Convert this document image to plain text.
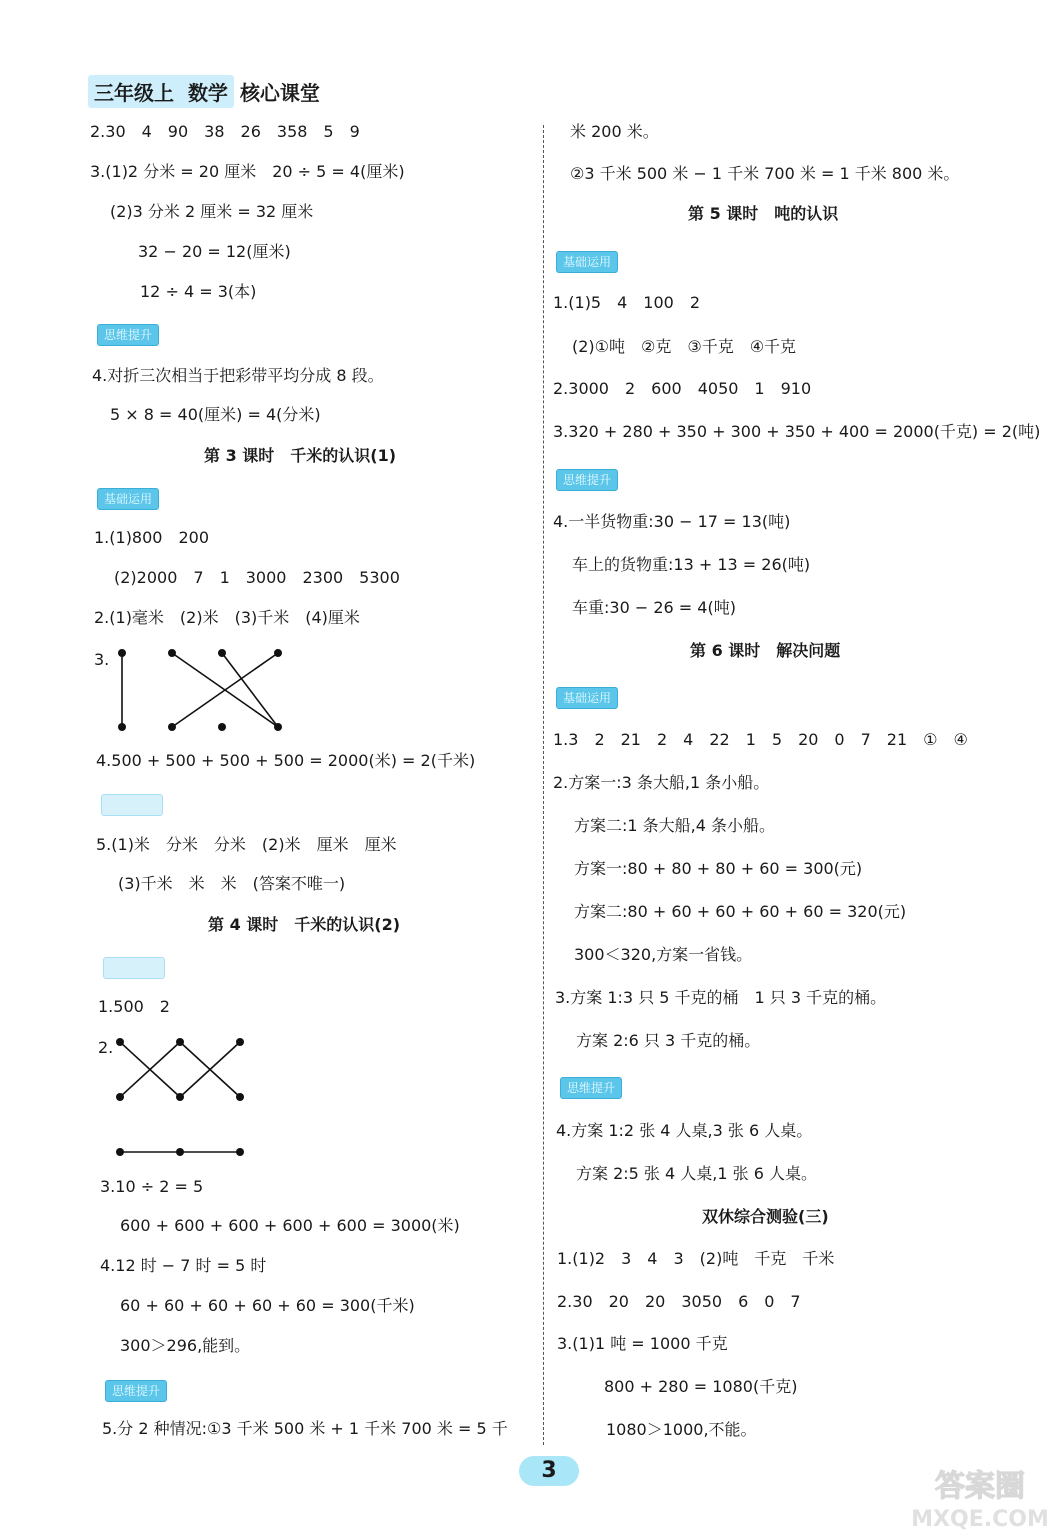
三年级上 数学 核心课堂
2.30　4　90　38　26　358　5　9
3.(1)2 分米 = 20 厘米　20 ÷ 5 = 4(厘米)
(2)3 分米 2 厘米 = 32 厘米
32 − 20 = 12(厘米)
12 ÷ 4 = 3(本)
思维提升
4.对折三次相当于把彩带平均分成 8 段。
5 × 8 = 40(厘米) = 4(分米)
第 3 课时　千米的认识(1)
基础运用
1.(1)800　200
(2)2000　7　1　3000　2300　5300
2.(1)毫米　(2)米　(3)千米　(4)厘米
3.
4.500 + 500 + 500 + 500 = 2000(米) = 2(千米)
思维提升
5.(1)米　分米　分米　(2)米　厘米　厘米
(3)千米　米　米　(答案不唯一)
第 4 课时　千米的认识(2)
基础运用
1.500　2
2.
3.10 ÷ 2 = 5
600 + 600 + 600 + 600 + 600 = 3000(米)
4.12 时 − 7 时 = 5 时
60 + 60 + 60 + 60 + 60 = 300(千米)
300＞296,能到。
思维提升
5.分 2 种情况:①3 千米 500 米 + 1 千米 700 米 = 5 千
米 200 米。
②3 千米 500 米 − 1 千米 700 米 = 1 千米 800 米。
第 5 课时　吨的认识
基础运用
1.(1)5　4　100　2
(2)①吨　②克　③千克　④千克
2.3000　2　600　4050　1　910
3.320 + 280 + 350 + 300 + 350 + 400 = 2000(千克) = 2(吨)
思维提升
4.一半货物重:30 − 17 = 13(吨)
车上的货物重:13 + 13 = 26(吨)
车重:30 − 26 = 4(吨)
第 6 课时　解决问题
基础运用
1.3　2　21　2　4　22　1　5　20　0　7　21　①　④
2.方案一:3 条大船,1 条小船。
方案二:1 条大船,4 条小船。
方案一:80 + 80 + 80 + 60 = 300(元)
方案二:80 + 60 + 60 + 60 + 60 = 320(元)
300＜320,方案一省钱。
3.方案 1:3 只 5 千克的桶　1 只 3 千克的桶。
方案 2:6 只 3 千克的桶。
思维提升
4.方案 1:2 张 4 人桌,3 张 6 人桌。
方案 2:5 张 4 人桌,1 张 6 人桌。
双休综合测验(三)
1.(1)2　3　4　3　(2)吨　千克　千米
2.30　20　20　3050　6　0　7
3.(1)1 吨 = 1000 千克
800 + 280 = 1080(千克)
1080＞1000,不能。
3	答案圈
MXQE.COM
